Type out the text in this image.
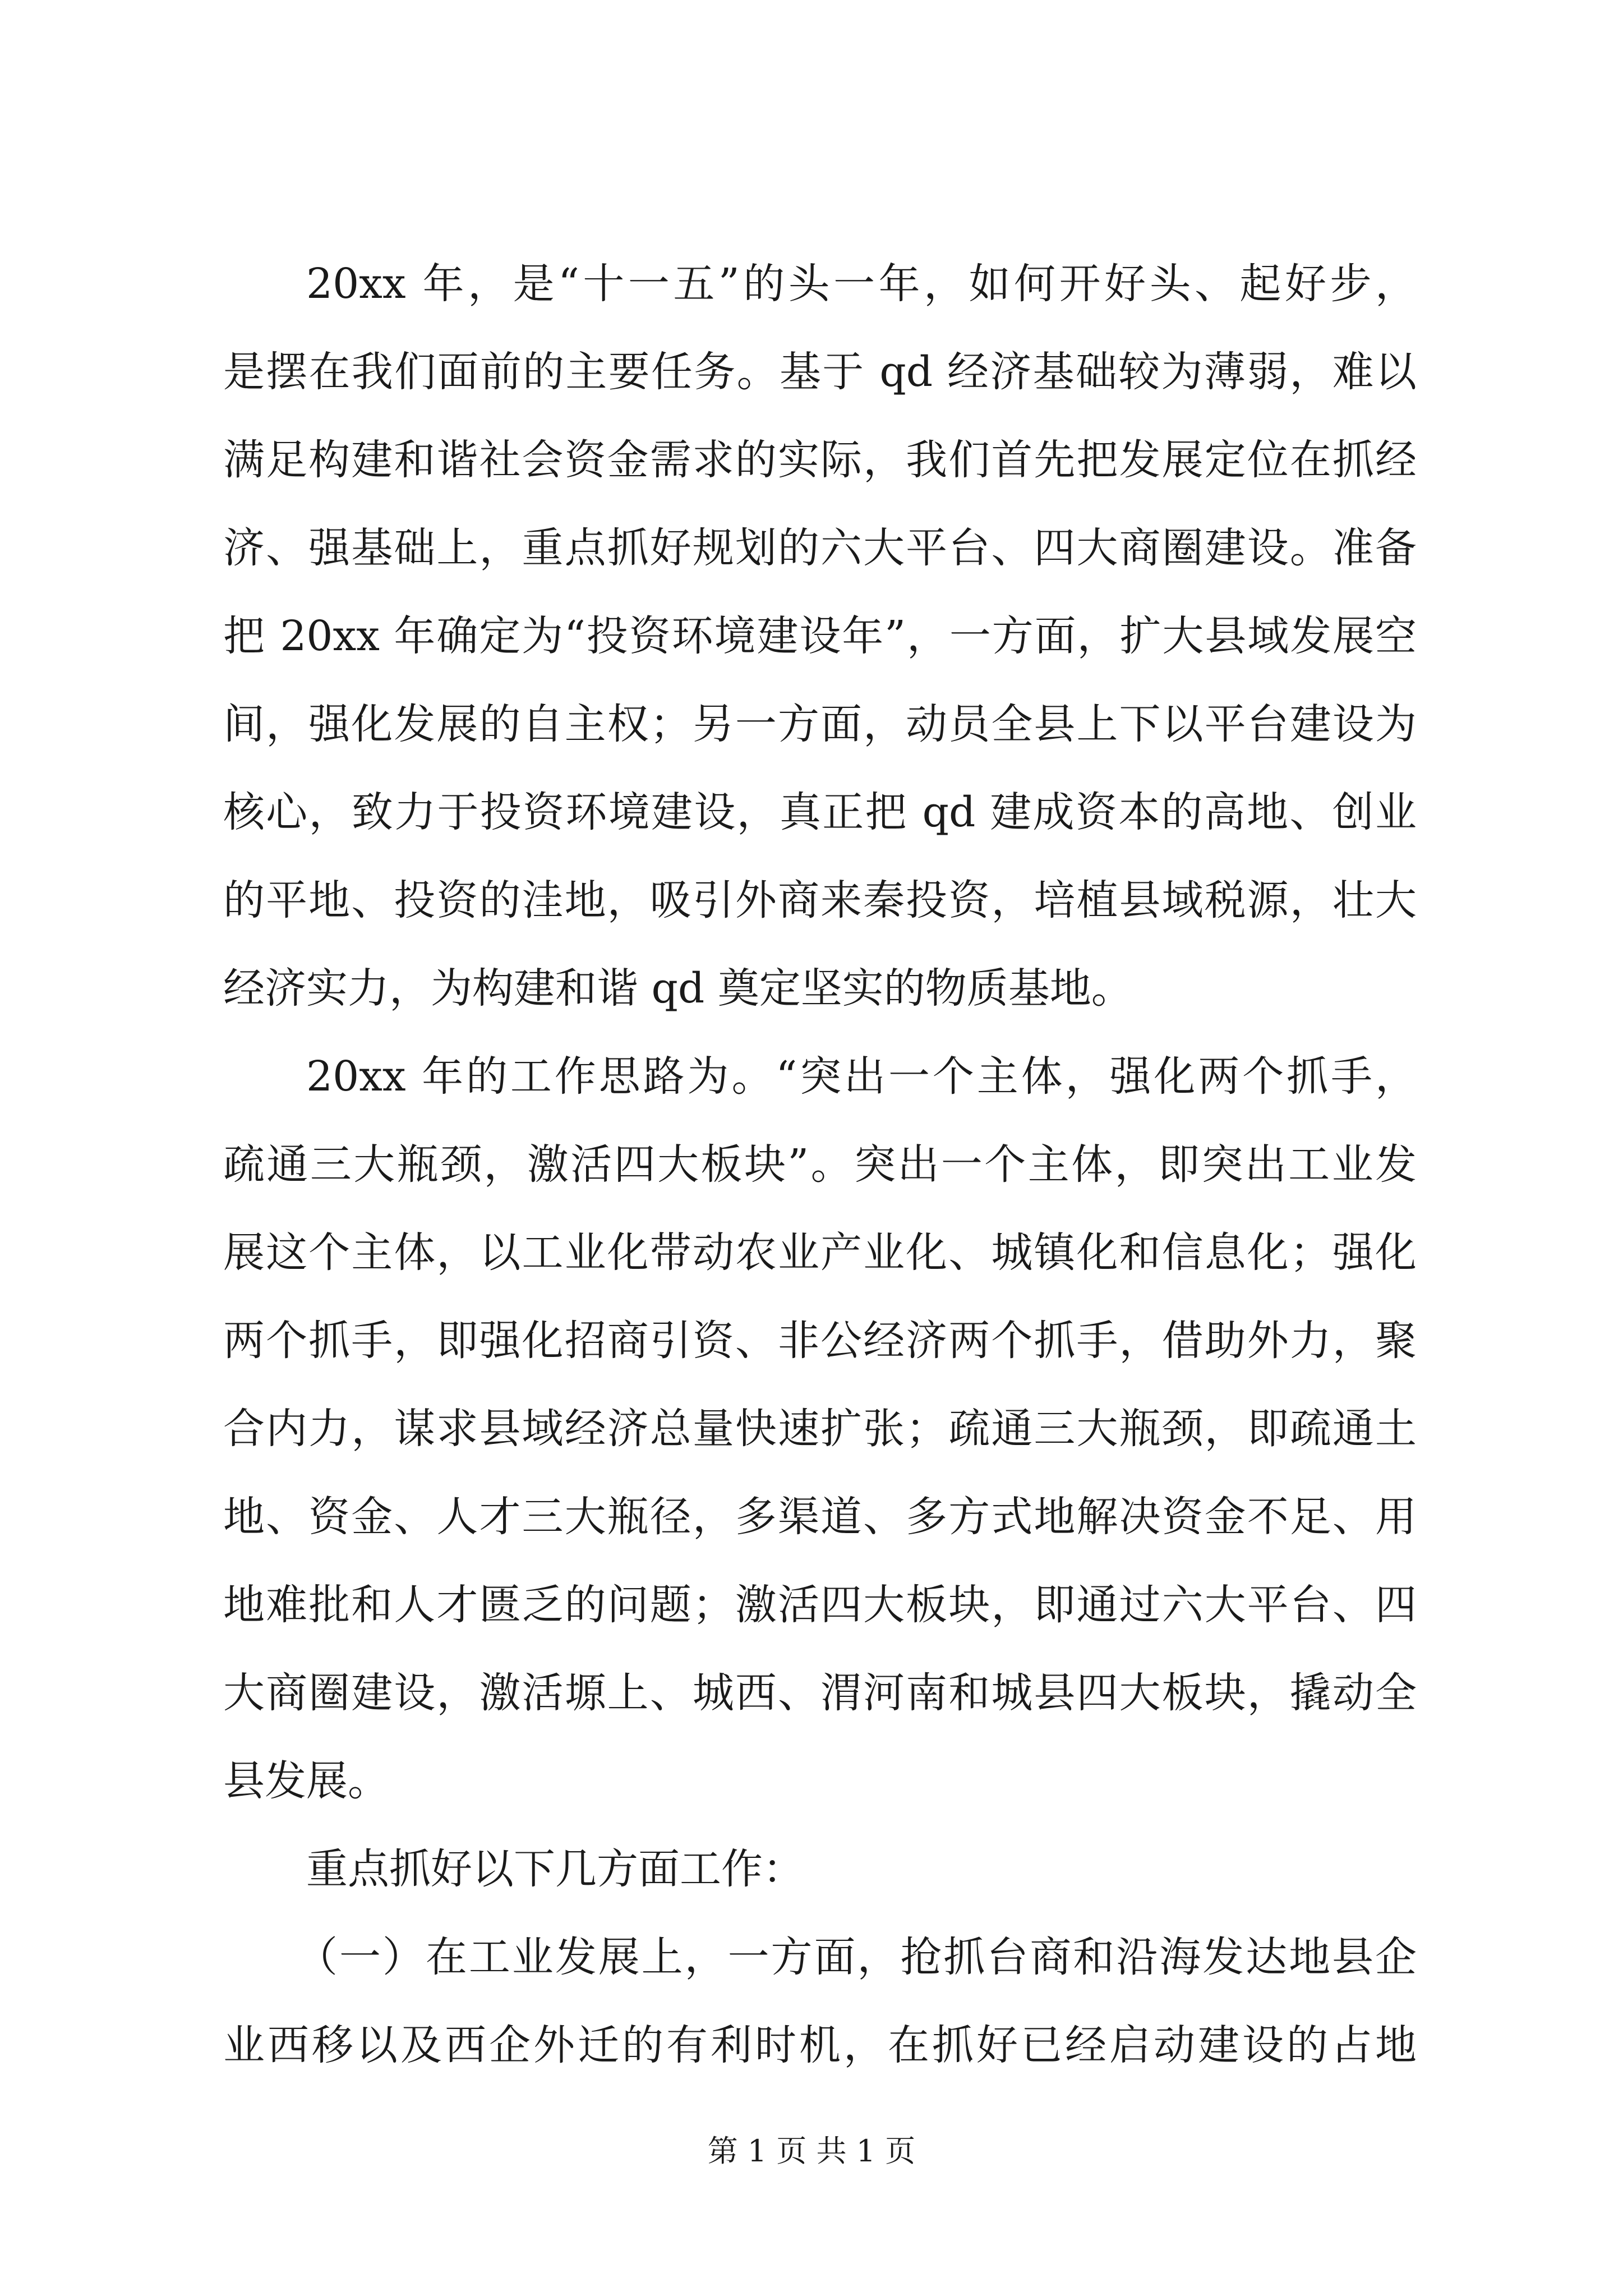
20xx 年，是“十一五”的头一年，如何开好头、起好步，
是摆在我们面前的主要任务。基于 qd 经济基础较为薄弱，难以
满足构建和谐社会资金需求的实际，我们首先把发展定位在抓经
济、强基础上，重点抓好规划的六大平台、四大商圈建设。准备
把 20xx 年确定为“投资环境建设年”，一方面，扩大县域发展空
间，强化发展的自主权；另一方面，动员全县上下以平台建设为
核心，致力于投资环境建设，真正把 qd 建成资本的高地、创业
的平地、投资的洼地，吸引外商来秦投资，培植县域税源，壮大
经济实力，为构建和谐 qd 奠定坚实的物质基地。
20xx 年的工作思路为。“突出一个主体，强化两个抓手，
疏通三大瓶颈，激活四大板块”。突出一个主体，即突出工业发
展这个主体，以工业化带动农业产业化、城镇化和信息化；强化
两个抓手，即强化招商引资、非公经济两个抓手，借助外力，聚
合内力，谋求县域经济总量快速扩张；疏通三大瓶颈，即疏通土
地、资金、人才三大瓶径，多渠道、多方式地解决资金不足、用
地难批和人才匮乏的问题；激活四大板块，即通过六大平台、四
大商圈建设，激活塬上、城西、渭河南和城县四大板块，撬动全
县发展。
重点抓好以下几方面工作：
（一）在工业发展上，一方面，抢抓台商和沿海发达地县企
业西移以及西企外迁的有利时机，在抓好已经启动建设的占地
第 1 页 共 1 页
